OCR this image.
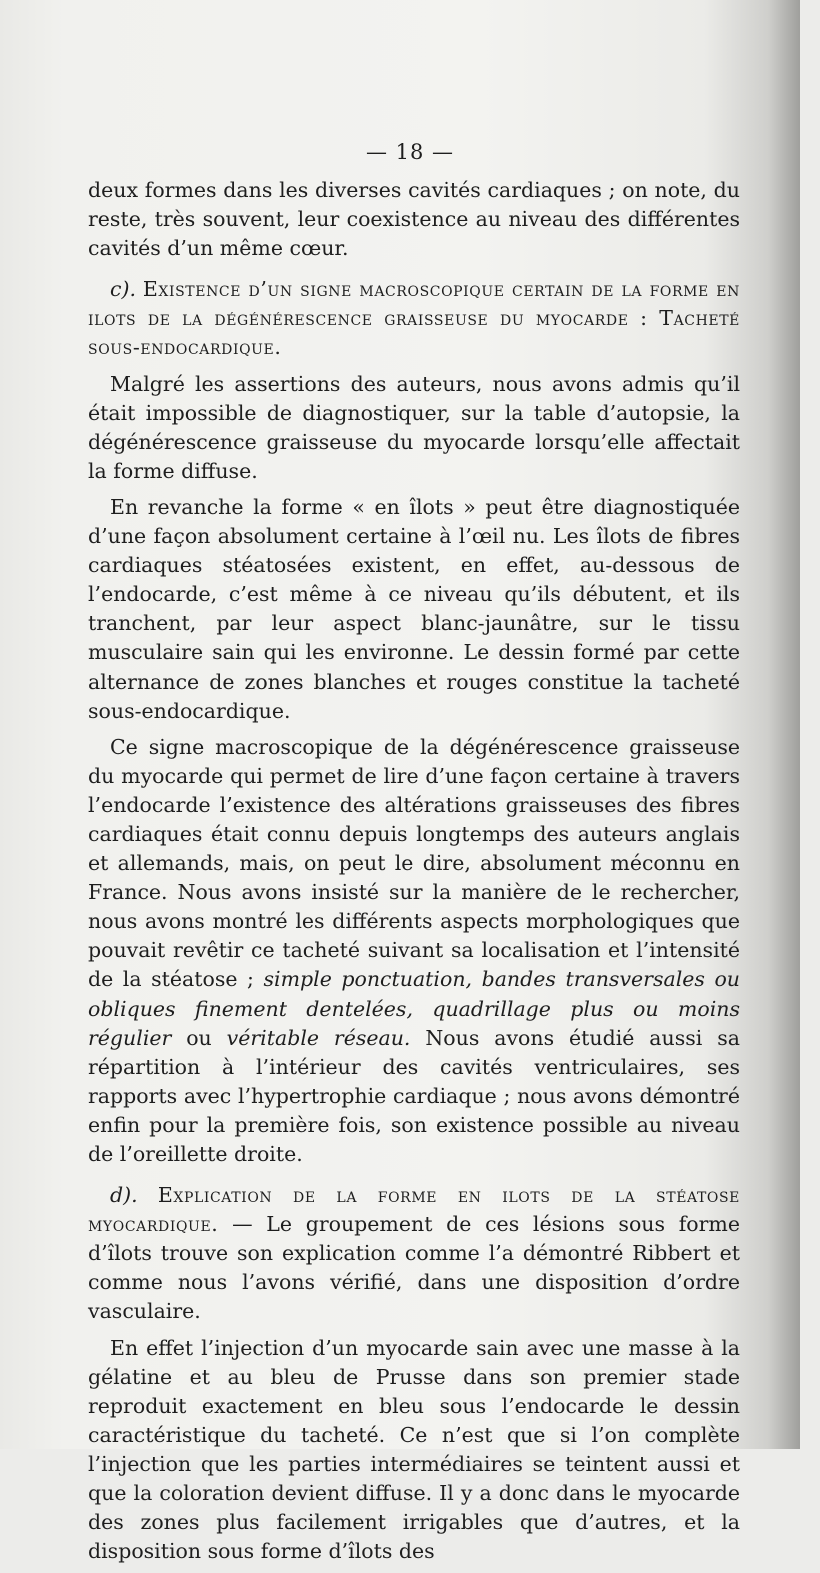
— 18 —

deux formes dans les diverses cavités cardiaques ; on note, du reste, très souvent, leur coexistence au niveau des différentes cavités d’un même cœur.

c). Existence d’un signe macroscopique certain de la forme en ilots de la dégénérescence graisseuse du myocarde : Tacheté sous-endocardique.

Malgré les assertions des auteurs, nous avons admis qu’il était impossible de diagnostiquer, sur la table d’autopsie, la dégénérescence graisseuse du myocarde lorsqu’elle affectait la forme diffuse.

En revanche la forme « en îlots » peut être diagnostiquée d’une façon absolument certaine à l’œil nu. Les îlots de fibres cardiaques stéatosées existent, en effet, au-dessous de l’endocarde, c’est même à ce niveau qu’ils débutent, et ils tranchent, par leur aspect blanc-jaunâtre, sur le tissu musculaire sain qui les environne. Le dessin formé par cette alternance de zones blanches et rouges constitue la tacheté sous-endocardique.

Ce signe macroscopique de la dégénérescence graisseuse du myocarde qui permet de lire d’une façon certaine à travers l’endocarde l’existence des altérations graisseuses des fibres cardiaques était connu depuis longtemps des auteurs anglais et allemands, mais, on peut le dire, absolument méconnu en France. Nous avons insisté sur la manière de le rechercher, nous avons montré les différents aspects morphologiques que pouvait revêtir ce tacheté suivant sa localisation et l’intensité de la stéatose ; simple ponctuation, bandes transversales ou obliques finement dentelées, quadrillage plus ou moins régulier ou véritable réseau. Nous avons étudié aussi sa répartition à l’intérieur des cavités ventriculaires, ses rapports avec l’hypertrophie cardiaque ; nous avons démontré enfin pour la première fois, son existence possible au niveau de l’oreillette droite.

d). Explication de la forme en ilots de la stéatose myocardique. — Le groupement de ces lésions sous forme d’îlots trouve son explication comme l’a démontré Ribbert et comme nous l’avons vérifié, dans une disposition d’ordre vasculaire.

En effet l’injection d’un myocarde sain avec une masse à la gélatine et au bleu de Prusse dans son premier stade reproduit exactement en bleu sous l’endocarde le dessin caractéristique du tacheté. Ce n’est que si l’on complète l’injection que les parties intermédiaires se teintent aussi et que la coloration devient diffuse. Il y a donc dans le myocarde des zones plus facilement irrigables que d’autres, et la disposition sous forme d’îlots des
